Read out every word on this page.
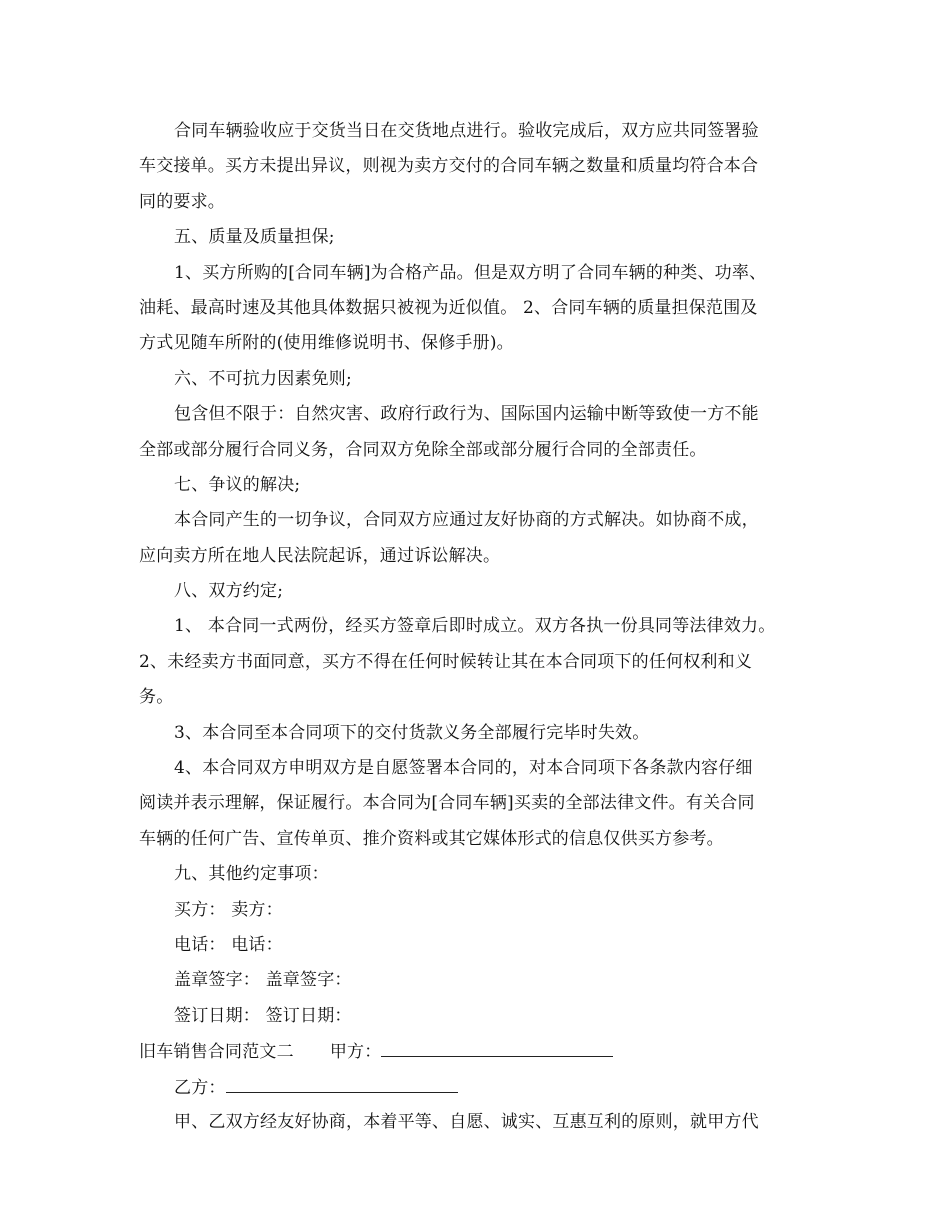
合同车辆验收应于交货当日在交货地点进行。验收完成后，双方应共同签署验
车交接单。买方未提出异议，则视为卖方交付的合同车辆之数量和质量均符合本合
同的要求。
五、质量及质量担保;
1、买方所购的[合同车辆]为合格产品。但是双方明了合同车辆的种类、功率、
油耗、最高时速及其他具体数据只被视为近似值。 2、合同车辆的质量担保范围及
方式见随车所附的(使用维修说明书、保修手册)。
六、不可抗力因素免则;
包含但不限于：自然灾害、政府行政行为、国际国内运输中断等致使一方不能
全部或部分履行合同义务，合同双方免除全部或部分履行合同的全部责任。
七、争议的解决;
本合同产生的一切争议，合同双方应通过友好协商的方式解决。如协商不成，
应向卖方所在地人民法院起诉，通过诉讼解决。
八、双方约定;
1、 本合同一式两份，经买方签章后即时成立。双方各执一份具同等法律效力。
2、未经卖方书面同意，买方不得在任何时候转让其在本合同项下的任何权利和义
务。
3、本合同至本合同项下的交付货款义务全部履行完毕时失效。
4、本合同双方申明双方是自愿签署本合同的，对本合同项下各条款内容仔细
阅读并表示理解，保证履行。本合同为[合同车辆]买卖的全部法律文件。有关合同
车辆的任何广告、宣传单页、推介资料或其它媒体形式的信息仅供买方参考。
九、其他约定事项：
买方： 卖方：
电话： 电话：
盖章签字： 盖章签字：
签订日期： 签订日期：
旧车销售合同范文二 甲方：
乙方：
甲、乙双方经友好协商，本着平等、自愿、诚实、互惠互利的原则，就甲方代
